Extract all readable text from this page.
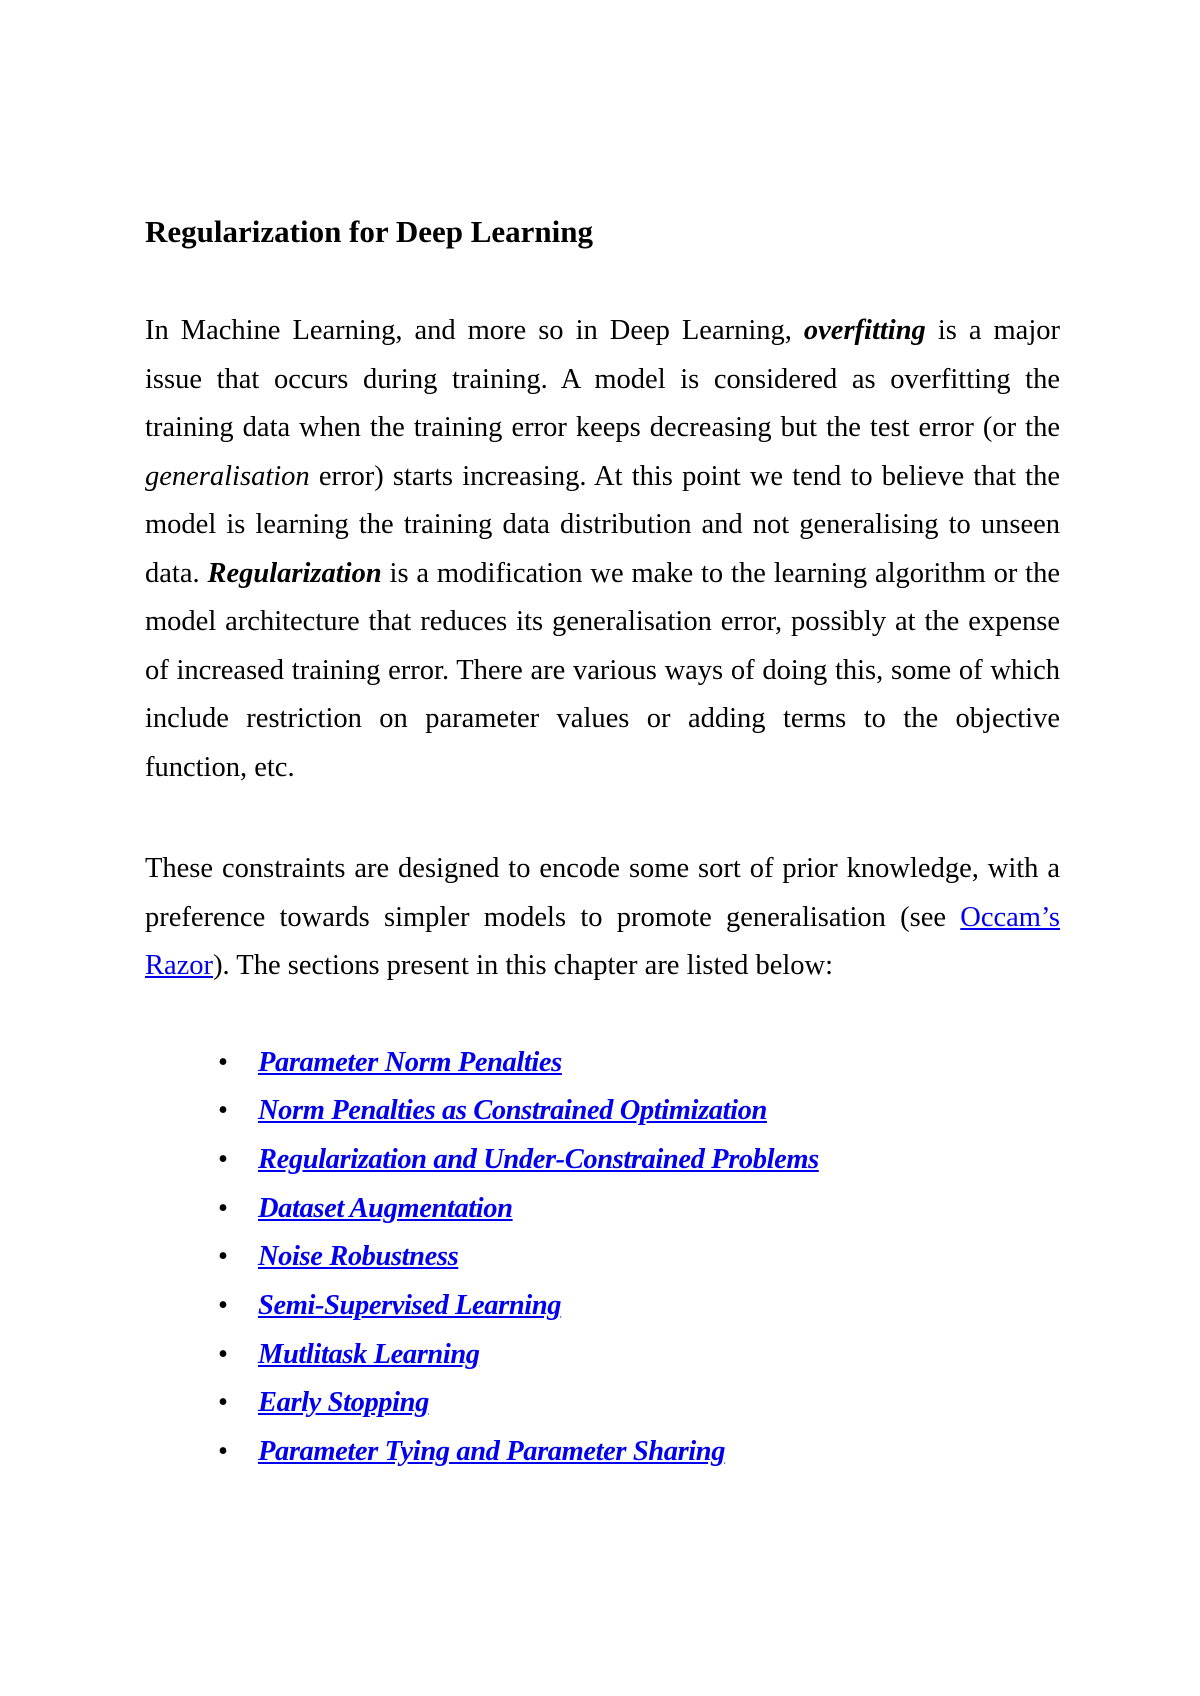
Regularization for Deep Learning

In Machine Learning, and more so in Deep Learning, overfitting is a major issue that occurs during training. A model is considered as overfitting the training data when the training error keeps decreasing but the test error (or the generalisation error) starts increasing. At this point we tend to believe that the model is learning the training data distribution and not generalising to unseen data. Regularization is a modification we make to the learning algorithm or the model architecture that reduces its generalisation error, possibly at the expense of increased training error. There are various ways of doing this, some of which include restriction on parameter values or adding terms to the objective function, etc.

These constraints are designed to encode some sort of prior knowledge, with a preference towards simpler models to promote generalisation (see Occam’s Razor). The sections present in this chapter are listed below:

•	Parameter Norm Penalties
•	Norm Penalties as Constrained Optimization
•	Regularization and Under-Constrained Problems
•	Dataset Augmentation
•	Noise Robustness
•	Semi-Supervised Learning
•	Mutlitask Learning
•	Early Stopping
•	Parameter Tying and Parameter Sharing
